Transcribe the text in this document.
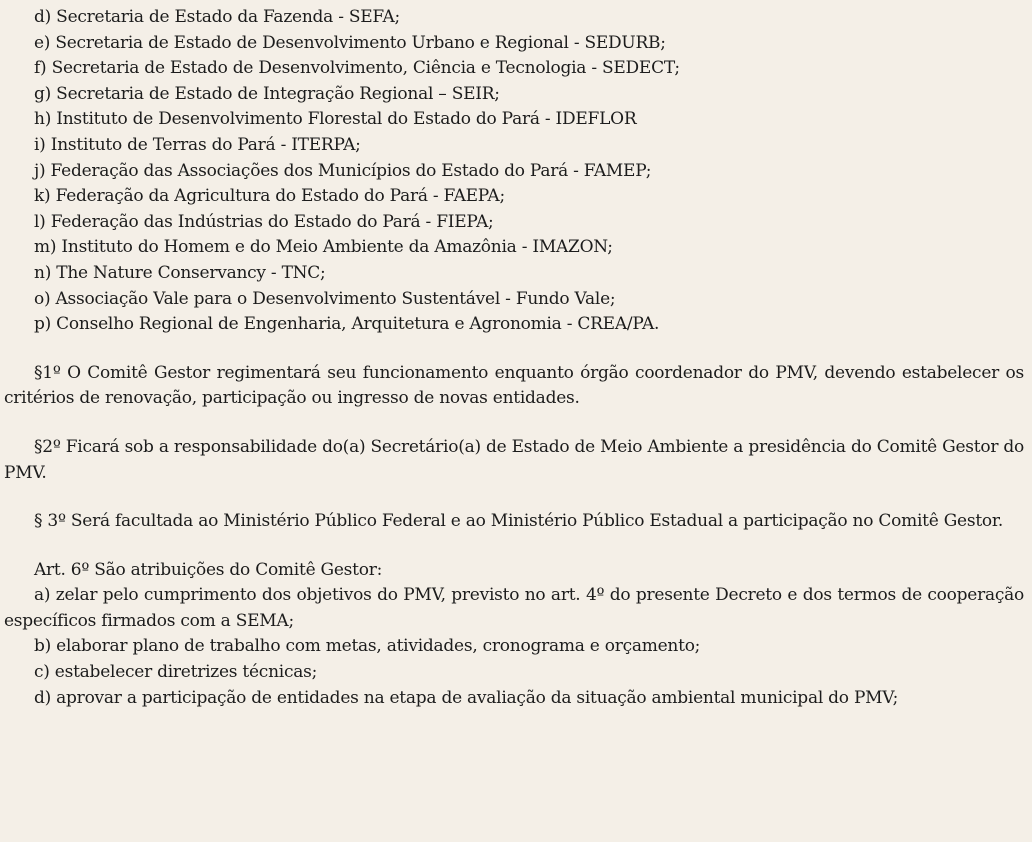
d) Secretaria de Estado da Fazenda - SEFA;
e) Secretaria de Estado de Desenvolvimento Urbano e Regional - SEDURB;
f) Secretaria de Estado de Desenvolvimento, Ciência e Tecnologia - SEDECT;
g) Secretaria de Estado de Integração Regional – SEIR;
h) Instituto de Desenvolvimento Florestal do Estado do Pará - IDEFLOR
i) Instituto de Terras do Pará - ITERPA;
j) Federação das Associações dos Municípios do Estado do Pará - FAMEP;
k) Federação da Agricultura do Estado do Pará - FAEPA;
l) Federação das Indústrias do Estado do Pará - FIEPA;
m) Instituto do Homem e do Meio Ambiente da Amazônia - IMAZON;
n) The Nature Conservancy - TNC;
o) Associação Vale para o Desenvolvimento Sustentável - Fundo Vale;
p) Conselho Regional de Engenharia, Arquitetura e Agronomia - CREA/PA.
§1º O Comitê Gestor regimentará seu funcionamento enquanto órgão coordenador do PMV, devendo estabelecer os critérios de renovação, participação ou ingresso de novas entidades.
§2º Ficará sob a responsabilidade do(a) Secretário(a) de Estado de Meio Ambiente a presidência do Comitê Gestor do PMV.
§ 3º Será facultada ao Ministério Público Federal e ao Ministério Público Estadual a participação no Comitê Gestor.
Art. 6º São atribuições do Comitê Gestor:
a) zelar pelo cumprimento dos objetivos do PMV, previsto no art. 4º do presente Decreto e dos termos de cooperação específicos firmados com a SEMA;
b) elaborar plano de trabalho com metas, atividades, cronograma e orçamento;
c) estabelecer diretrizes técnicas;
d) aprovar a participação de entidades na etapa de avaliação da situação ambiental municipal do PMV;
